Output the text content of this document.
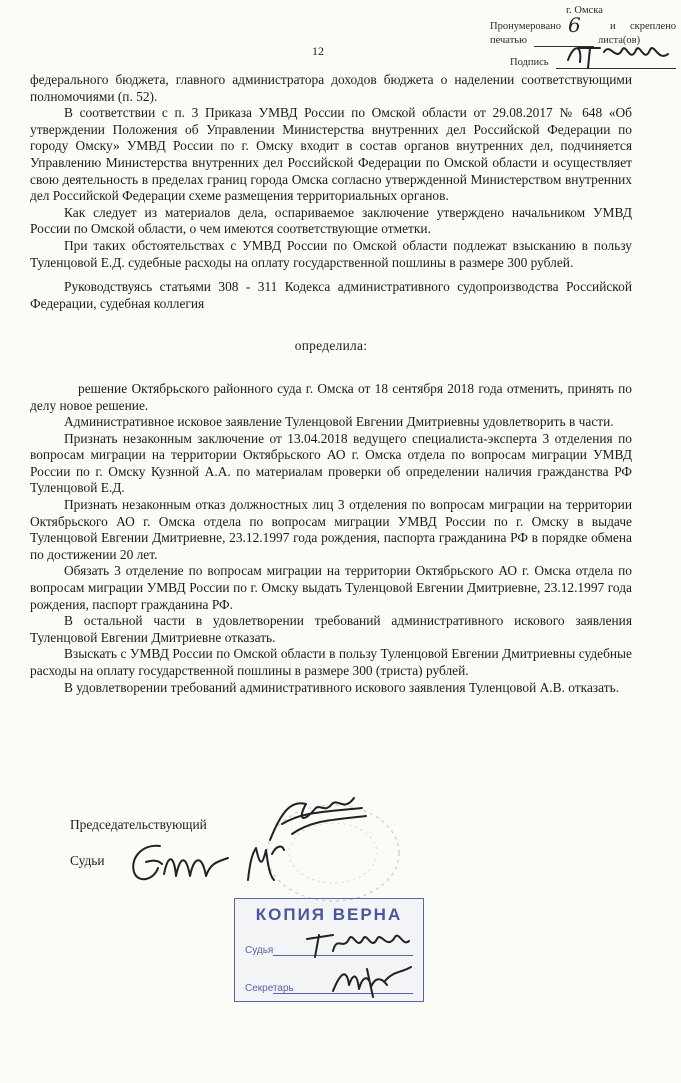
г. Омска
Пронумеровано	и скреплено
печатью
6
листа(ов)
Подпись
12

федерального бюджета, главного администратора доходов бюджета о наделении соответствующими полномочиями (п. 52).

В соответствии с п. 3 Приказа УМВД России по Омской области от 29.08.2017 № 648 «Об утверждении Положения об Управлении Министерства внутренних дел Российской Федерации по городу Омску» УМВД России по г. Омску входит в состав органов внутренних дел, подчиняется Управлению Министерства внутренних дел Российской Федерации по Омской области и осуществляет свою деятельность в пределах границ города Омска согласно утвержденной Министерством внутренних дел Российской Федерации схеме размещения территориальных органов.

Как следует из материалов дела, оспариваемое заключение утверждено начальником УМВД России по Омской области, о чем имеются соответствующие отметки.

При таких обстоятельствах с УМВД России по Омской области подлежат взысканию в пользу Туленцовой Е.Д. судебные расходы на оплату государственной пошлины в размере 300 рублей.

Руководствуясь статьями 308 - 311 Кодекса административного судопроизводства Российской Федерации, судебная коллегия

определила:

решение Октябрьского районного суда г. Омска от 18 сентября 2018 года отменить, принять по делу новое решение.

Административное исковое заявление Туленцовой Евгении Дмитриевны удовлетворить в части.

Признать незаконным заключение от 13.04.2018 ведущего специалиста-эксперта 3 отделения по вопросам миграции на территории Октябрьского АО г. Омска отдела по вопросам миграции УМВД России по г. Омску Кузнной А.А. по материалам проверки об определении наличия гражданства РФ Туленцовой Е.Д.

Признать незаконным отказ должностных лиц 3 отделения по вопросам миграции на территории Октябрьского АО г. Омска отдела по вопросам миграции УМВД России по г. Омску в выдаче Туленцовой Евгении Дмитриевне, 23.12.1997 года рождения, паспорта гражданина РФ в порядке обмена по достижении 20 лет.

Обязать 3 отделение по вопросам миграции на территории Октябрьского АО г. Омска отдела по вопросам миграции УМВД России по г. Омску выдать Туленцовой Евгении Дмитриевне, 23.12.1997 года рождения, паспорт гражданина РФ.

В остальной части в удовлетворении требований административного искового заявления Туленцовой Евгении Дмитриевне отказать.

Взыскать с УМВД России по Омской области в пользу Туленцовой Евгении Дмитриевны судебные расходы на оплату государственной пошлины в размере 300 (триста) рублей.

В удовлетворении требований административного искового заявления Туленцовой А.В. отказать.

Председательствующий
Судьи
КОПИЯ ВЕРНА
Судья
Секретарь
